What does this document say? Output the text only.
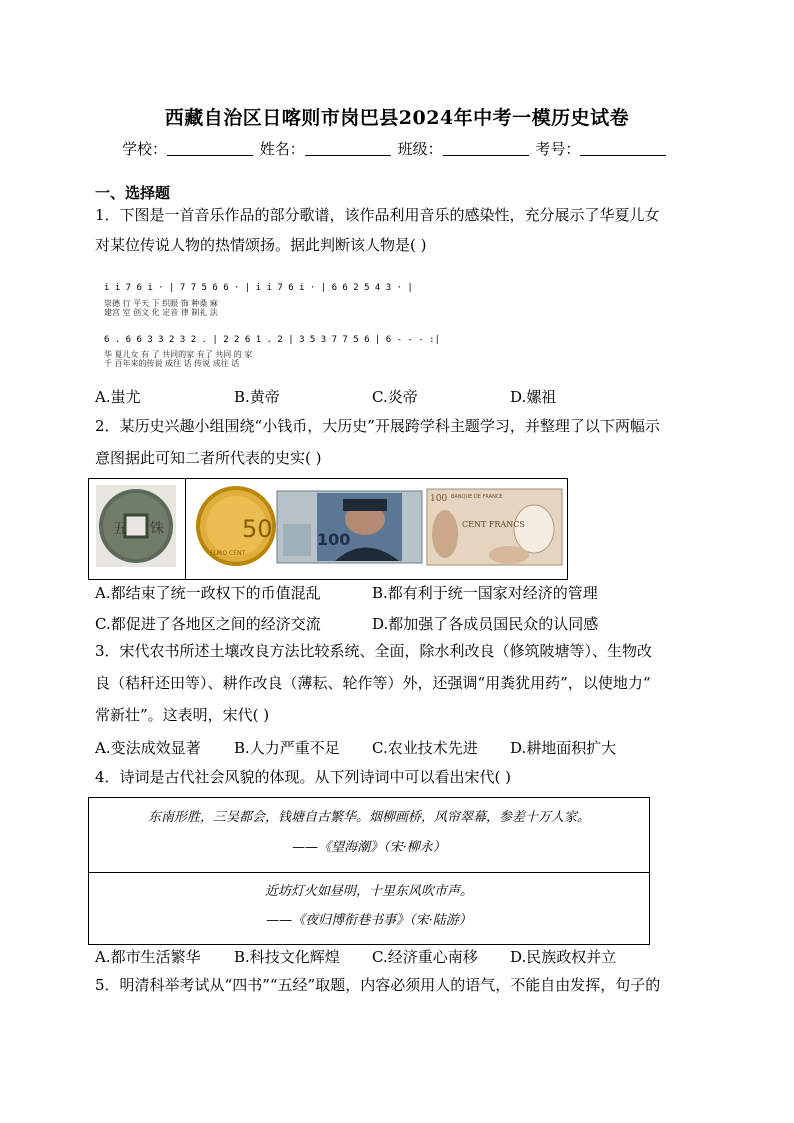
西藏自治区日喀则市岗巴县2024年中考一模历史试卷
学校：	姓名：	班级：	考号：
一、选择题
1．下图是一首音乐作品的部分歌谱，该作品利用音乐的感染性，充分展示了华夏儿女
对某位传说人物的热情颂扬。据此判断该人物是( )
i i 7 6 i · | 7 7 5 6 6 · | i i 7 6 i · | 6 6 2 5 4 3 · |
崇德 行 平天 下 织眼 饰 种桑 麻
建宫 室 创文 化 定音 律 制礼 法
6 . 6 6 3 3 2 3 2 . | 2 2 6 1 . 2 | 3 5 3 7 7 5 6 | 6 - - - :|
华 夏儿女 有 了 共同的家 有了 共同 的 家
千 百年来的传说 成往 话 传说 成往 话
A.蚩尤	B.黄帝	C.炎帝	D.嫘祖
2．某历史兴趣小组围绕“小钱币，大历史”开展跨学科主题学习，并整理了以下两幅示
意图据此可知二者所代表的史实( )
五 铢	50
EURO CENT
100
100 BANQUE DE FRANCE
CENT FRANCS
A.都结束了统一政权下的币值混乱	B.都有利于统一国家对经济的管理
C.都促进了各地区之间的经济交流	D.都加强了各成员国民众的认同感
3．宋代农书所述土壤改良方法比较系统、全面，除水利改良（修筑陂塘等）、生物改
良（秸秆还田等）、耕作改良（薄耘、轮作等）外，还强调“用粪犹用药”，以使地力“
常新壮”。这表明，宋代( )
A.变法成效显著 B.人力严重不足 C.农业技术先进 D.耕地面积扩大
4．诗词是古代社会风貌的体现。从下列诗词中可以看出宋代( )
东南形胜，三吴都会，钱塘自古繁华。烟柳画桥，风帘翠幕，参差十万人家。
——《望海潮》（宋·柳永）
近坊灯火如昼明，十里东风吹市声。
——《夜归博衔巷书事》（宋·陆游）
A.都市生活繁华 B.科技文化辉煌 C.经济重心南移 D.民族政权并立
5．明清科举考试从“四书”“五经”取题，内容必须用人的语气，不能自由发挥，句子的
